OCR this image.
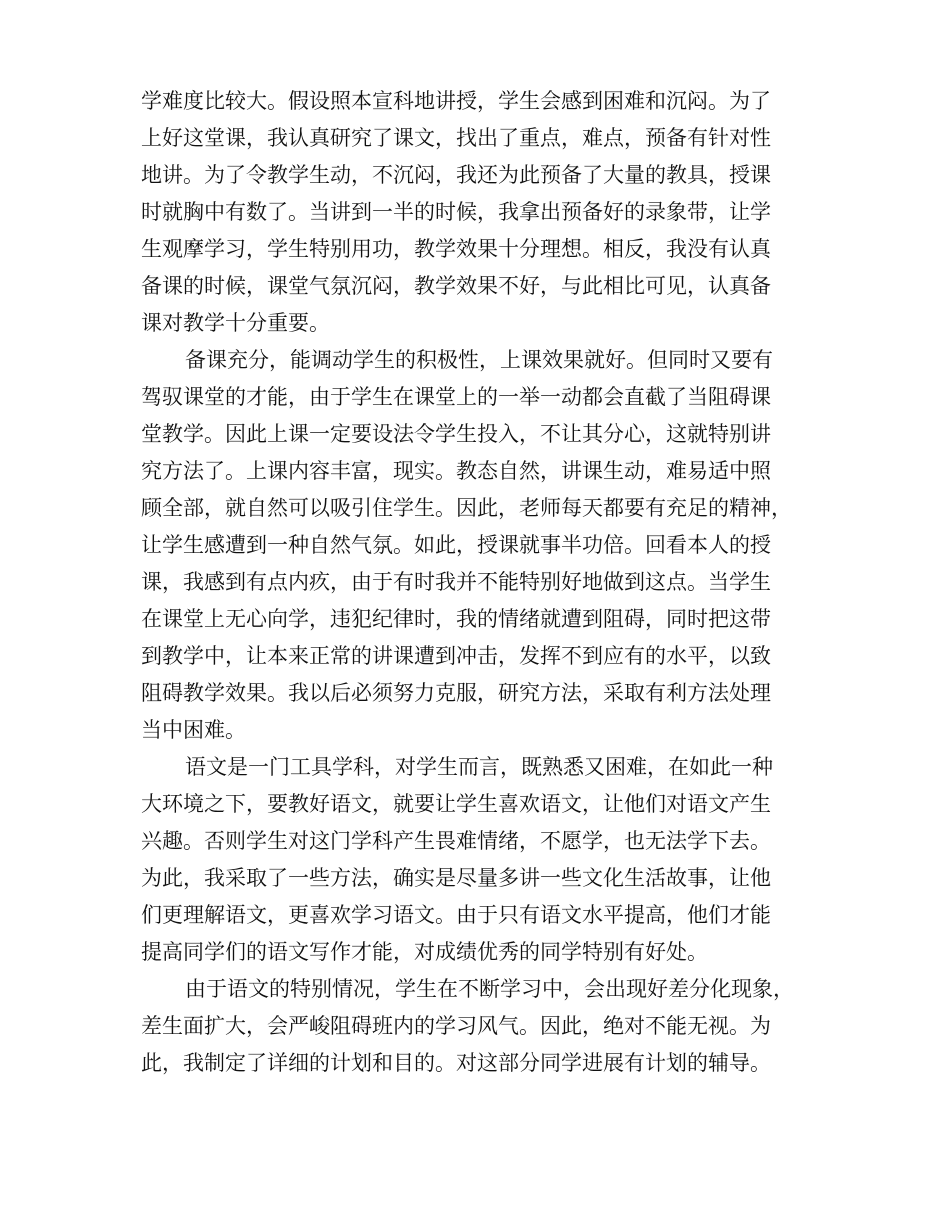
学难度比较大。假设照本宣科地讲授，学生会感到困难和沉闷。为了
上好这堂课，我认真研究了课文，找出了重点，难点，预备有针对性
地讲。为了令教学生动，不沉闷，我还为此预备了大量的教具，授课
时就胸中有数了。当讲到一半的时候，我拿出预备好的录象带，让学
生观摩学习，学生特别用功，教学效果十分理想。相反，我没有认真
备课的时候，课堂气氛沉闷，教学效果不好，与此相比可见，认真备
课对教学十分重要。
备课充分，能调动学生的积极性，上课效果就好。但同时又要有
驾驭课堂的才能，由于学生在课堂上的一举一动都会直截了当阻碍课
堂教学。因此上课一定要设法令学生投入，不让其分心，这就特别讲
究方法了。上课内容丰富，现实。教态自然，讲课生动，难易适中照
顾全部，就自然可以吸引住学生。因此，老师每天都要有充足的精神，
让学生感遭到一种自然气氛。如此，授课就事半功倍。回看本人的授
课，我感到有点内疚，由于有时我并不能特别好地做到这点。当学生
在课堂上无心向学，违犯纪律时，我的情绪就遭到阻碍，同时把这带
到教学中，让本来正常的讲课遭到冲击，发挥不到应有的水平，以致
阻碍教学效果。我以后必须努力克服，研究方法，采取有利方法处理
当中困难。
语文是一门工具学科，对学生而言，既熟悉又困难，在如此一种
大环境之下，要教好语文，就要让学生喜欢语文，让他们对语文产生
兴趣。否则学生对这门学科产生畏难情绪，不愿学，也无法学下去。
为此，我采取了一些方法，确实是尽量多讲一些文化生活故事，让他
们更理解语文，更喜欢学习语文。由于只有语文水平提高，他们才能
提高同学们的语文写作才能，对成绩优秀的同学特别有好处。
由于语文的特别情况，学生在不断学习中，会出现好差分化现象，
差生面扩大，会严峻阻碍班内的学习风气。因此，绝对不能无视。为
此，我制定了详细的计划和目的。对这部分同学进展有计划的辅导。
